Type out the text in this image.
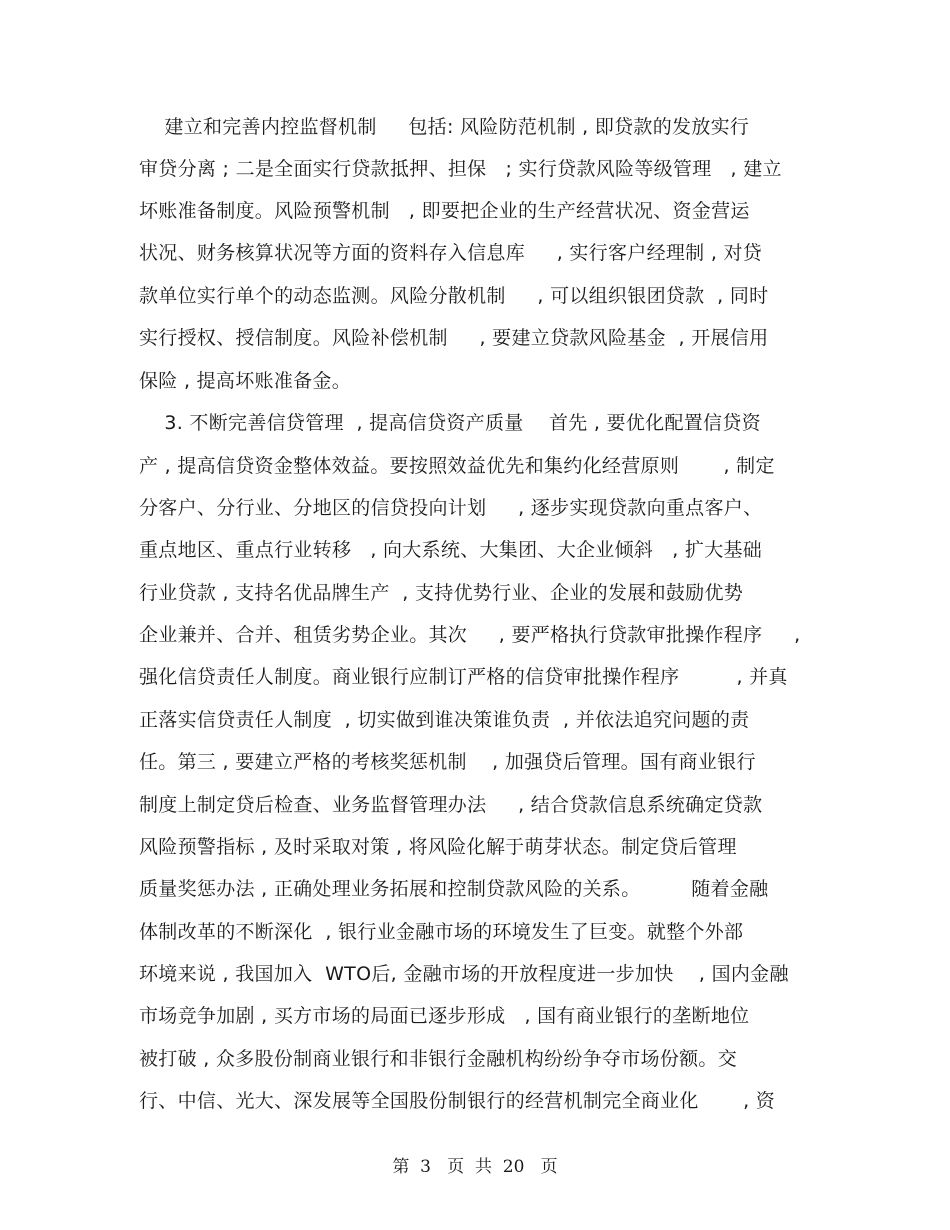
建立和完善内控监督机制     包括: 风险防范机制 , 即贷款的发放实行
审贷分离 ; 二是全面实行贷款抵押、担保   ; 实行贷款风险等级管理   , 建立
坏账准备制度。风险预警机制   , 即要把企业的生产经营状况、资金营运
状况、财务核算状况等方面的资料存入信息库     , 实行客户经理制 , 对贷
款单位实行单个的动态监测。风险分散机制     , 可以组织银团贷款  , 同时
实行授权、授信制度。风险补偿机制     , 要建立贷款风险基金  , 开展信用
保险 , 提高坏账准备金。
3. 不断完善信贷管理  , 提高信贷资产质量    首先 , 要优化配置信贷资
产 , 提高信贷资金整体效益。要按照效益优先和集约化经营原则       , 制定
分客户、分行业、分地区的信贷投向计划     , 逐步实现贷款向重点客户、
重点地区、重点行业转移   , 向大系统、大集团、大企业倾斜   , 扩大基础
行业贷款 , 支持名优品牌生产  , 支持优势行业、企业的发展和鼓励优势
企业兼并、合并、租赁劣势企业。其次     , 要严格执行贷款审批操作程序     ,
强化信贷责任人制度。商业银行应制订严格的信贷审批操作程序         , 并真
正落实信贷责任人制度  , 切实做到谁决策谁负责  , 并依法追究问题的责
任。第三 , 要建立严格的考核奖惩机制    , 加强贷后管理。国有商业银行
制度上制定贷后检查、业务监督管理办法     , 结合贷款信息系统确定贷款
风险预警指标 , 及时采取对策 , 将风险化解于萌芽状态。制定贷后管理
质量奖惩办法 , 正确处理业务拓展和控制贷款风险的关系。        随着金融
体制改革的不断深化  , 银行业金融市场的环境发生了巨变。就整个外部
环境来说 , 我国加入  WTO后, 金融市场的开放程度进一步加快    , 国内金融
市场竞争加剧 , 买方市场的局面已逐步形成   , 国有商业银行的垄断地位
被打破 , 众多股份制商业银行和非银行金融机构纷纷争夺市场份额。交
行、中信、光大、深发展等全国股份制银行的经营机制完全商业化       , 资
第  3   页  共  20   页
